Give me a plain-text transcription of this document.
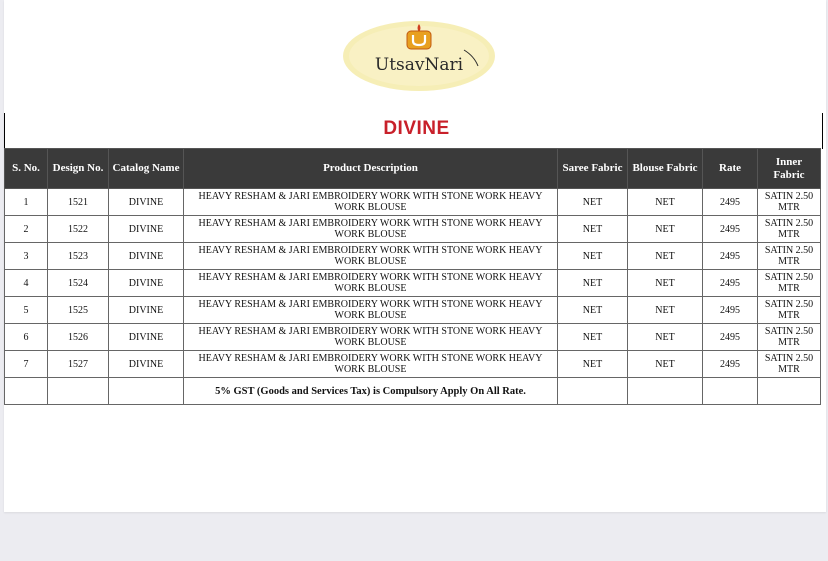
UtsavNari
DIVINE
S. No.	Design No.	Catalog Name	Product Description	Saree Fabric	Blouse Fabric	Rate	Inner Fabric
1	1521	DIVINE	HEAVY RESHAM & JARI EMBROIDERY WORK WITH STONE WORK HEAVY WORK BLOUSE	NET	NET	2495	SATIN 2.50 MTR
2	1522	DIVINE	HEAVY RESHAM & JARI EMBROIDERY WORK WITH STONE WORK HEAVY WORK BLOUSE	NET	NET	2495	SATIN 2.50 MTR
3	1523	DIVINE	HEAVY RESHAM & JARI EMBROIDERY WORK WITH STONE WORK HEAVY WORK BLOUSE	NET	NET	2495	SATIN 2.50 MTR
4	1524	DIVINE	HEAVY RESHAM & JARI EMBROIDERY WORK WITH STONE WORK HEAVY WORK BLOUSE	NET	NET	2495	SATIN 2.50 MTR
5	1525	DIVINE	HEAVY RESHAM & JARI EMBROIDERY WORK WITH STONE WORK HEAVY WORK BLOUSE	NET	NET	2495	SATIN 2.50 MTR
6	1526	DIVINE	HEAVY RESHAM & JARI EMBROIDERY WORK WITH STONE WORK HEAVY WORK BLOUSE	NET	NET	2495	SATIN 2.50 MTR
7	1527	DIVINE	HEAVY RESHAM & JARI EMBROIDERY WORK WITH STONE WORK HEAVY WORK BLOUSE	NET	NET	2495	SATIN 2.50 MTR
			5% GST (Goods and Services Tax) is Compulsory Apply On All Rate.				
